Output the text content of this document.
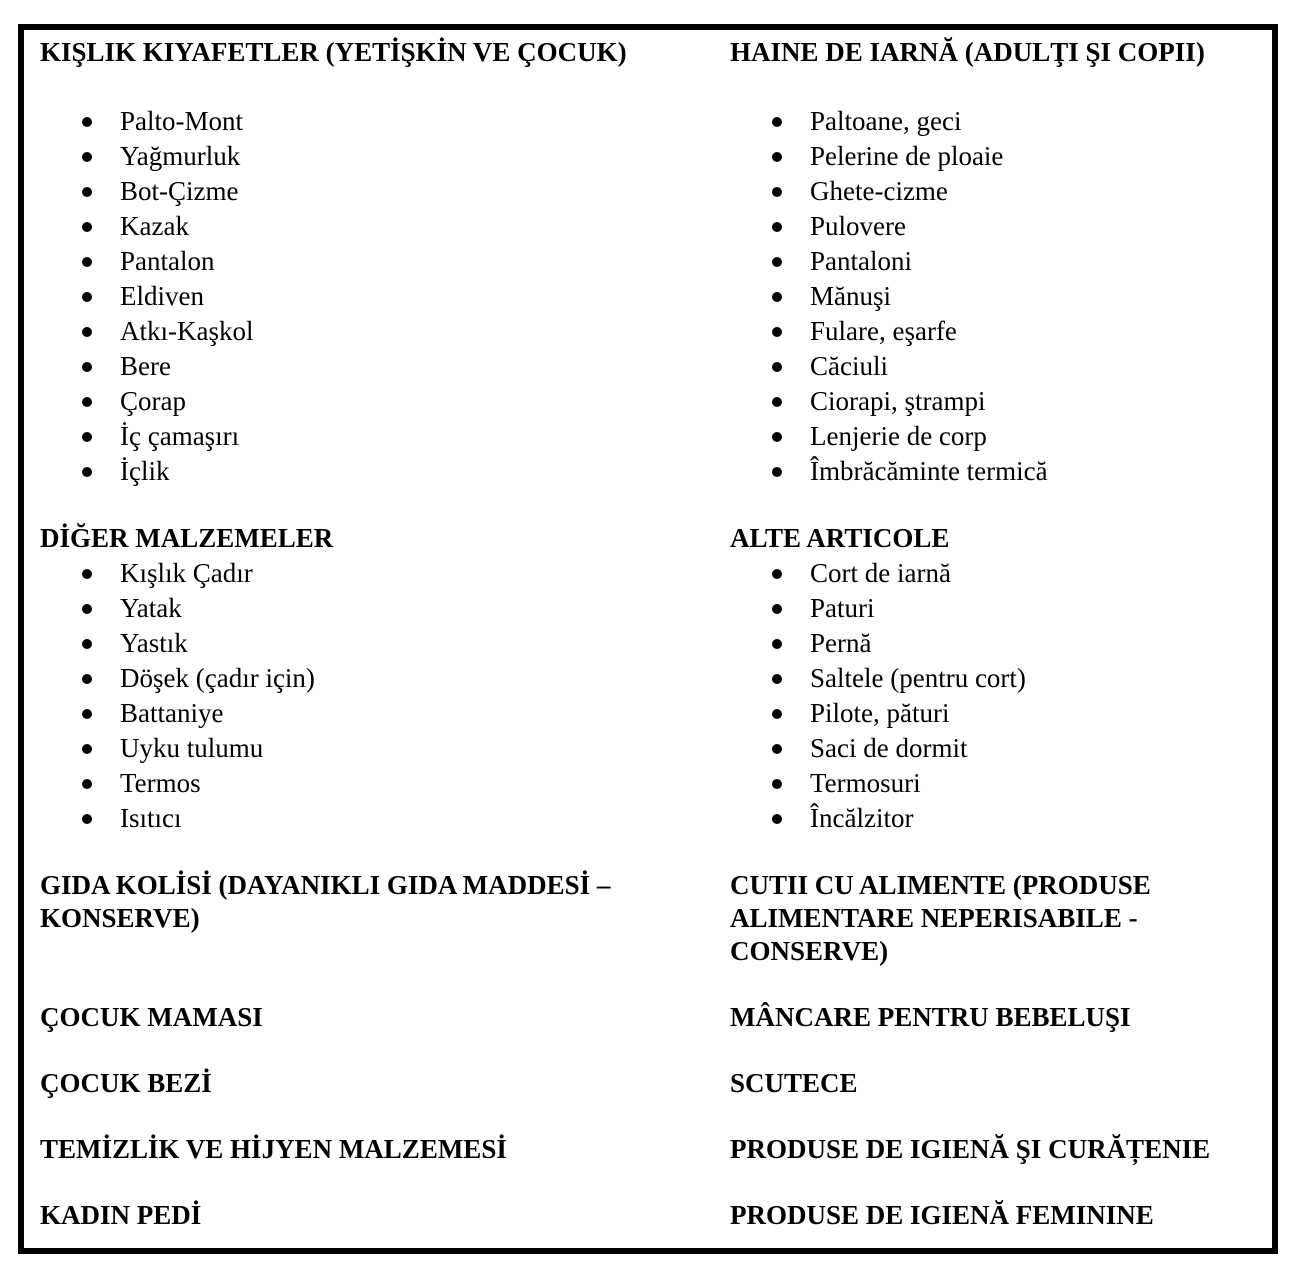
KIŞLIK KIYAFETLER (YETİŞKİN VE ÇOCUK)
Palto-Mont
Yağmurluk
Bot-Çizme
Kazak
Pantalon
Eldiven
Atkı-Kaşkol
Bere
Çorap
İç çamaşırı
İçlik
DİĞER MALZEMELER
Kışlık Çadır
Yatak
Yastık
Döşek (çadır için)
Battaniye
Uyku tulumu
Termos
Isıtıcı
GIDA KOLİSİ (DAYANIKLI GIDA MADDESİ –
KONSERVE)
ÇOCUK MAMASI
ÇOCUK BEZİ
TEMİZLİK VE HİJYEN MALZEMESİ
KADIN PEDİ
HAINE DE IARNĂ (ADULŢI ŞI COPII)
Paltoane, geci
Pelerine de ploaie
Ghete-cizme
Pulovere
Pantaloni
Mănuşi
Fulare, eşarfe
Căciuli
Ciorapi, ştrampi
Lenjerie de corp
Îmbrăcăminte termică
ALTE ARTICOLE
Cort de iarnă
Paturi
Pernă
Saltele (pentru cort)
Pilote, pături
Saci de dormit
Termosuri
Încălzitor
CUTII CU ALIMENTE (PRODUSE
ALIMENTARE NEPERISABILE -
CONSERVE)
MÂNCARE PENTRU BEBELUŞI
SCUTECE
PRODUSE DE IGIENĂ ŞI CURĂȚENIE
PRODUSE DE IGIENĂ FEMININE
